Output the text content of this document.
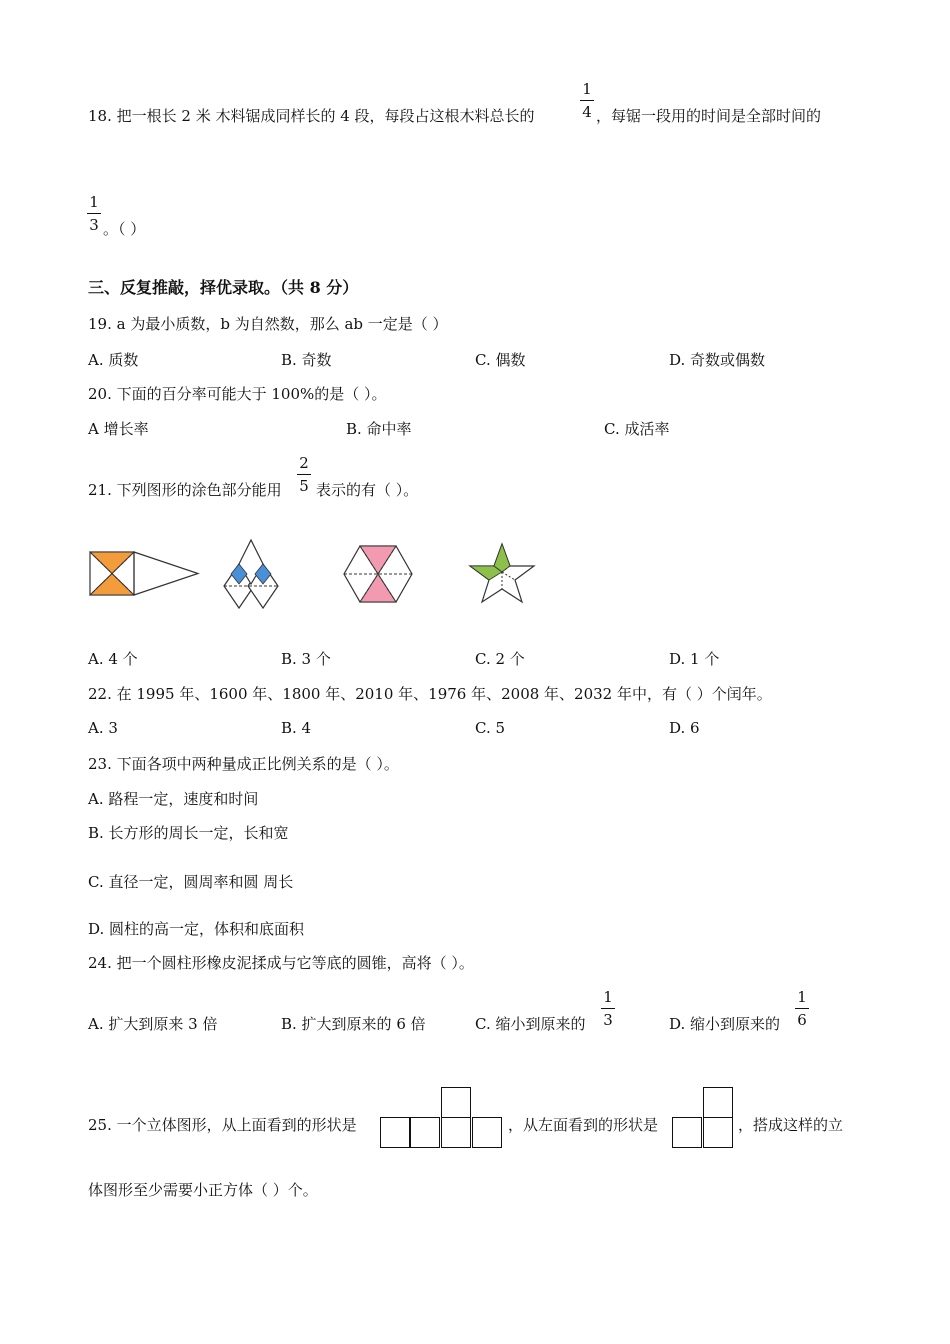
18. 把一根长 2 米 木料锯成同样长的 4 段，每段占这根木料总长的
1
4 ，每锯一段用的时间是全部时间的
1
3 。（ ）
三、反复推敲，择优录取。（共 8 分）
19. a 为最小质数，b 为自然数，那么 ab 一定是（ ）
A. 质数	B. 奇数	C. 偶数	D. 奇数或偶数
20. 下面的百分率可能大于 100%的是（ ）。
A 增长率	B. 命中率	C. 成活率
21. 下列图形的涂色部分能用
2
5 表示的有（ ）。
A. 4 个	B. 3 个	C. 2 个	D. 1 个
22. 在 1995 年、1600 年、1800 年、2010 年、1976 年、2008 年、2032 年中，有（ ）个闰年。
A. 3	B. 4	C. 5	D. 6
23. 下面各项中两种量成正比例关系的是（ ）。
A. 路程一定，速度和时间
B. 长方形的周长一定，长和宽
C. 直径一定，圆周率和圆 周长
D. 圆柱的高一定，体积和底面积
24. 把一个圆柱形橡皮泥揉成与它等底的圆锥，高将（ ）。
A. 扩大到原来 3 倍	B. 扩大到原来的 6 倍	C. 缩小到原来的
1
3	D. 缩小到原来的
1
6
25. 一个立体图形，从上面看到的形状是	，从左面看到的形状是	，搭成这样的立
体图形至少需要小正方体（ ）个。
